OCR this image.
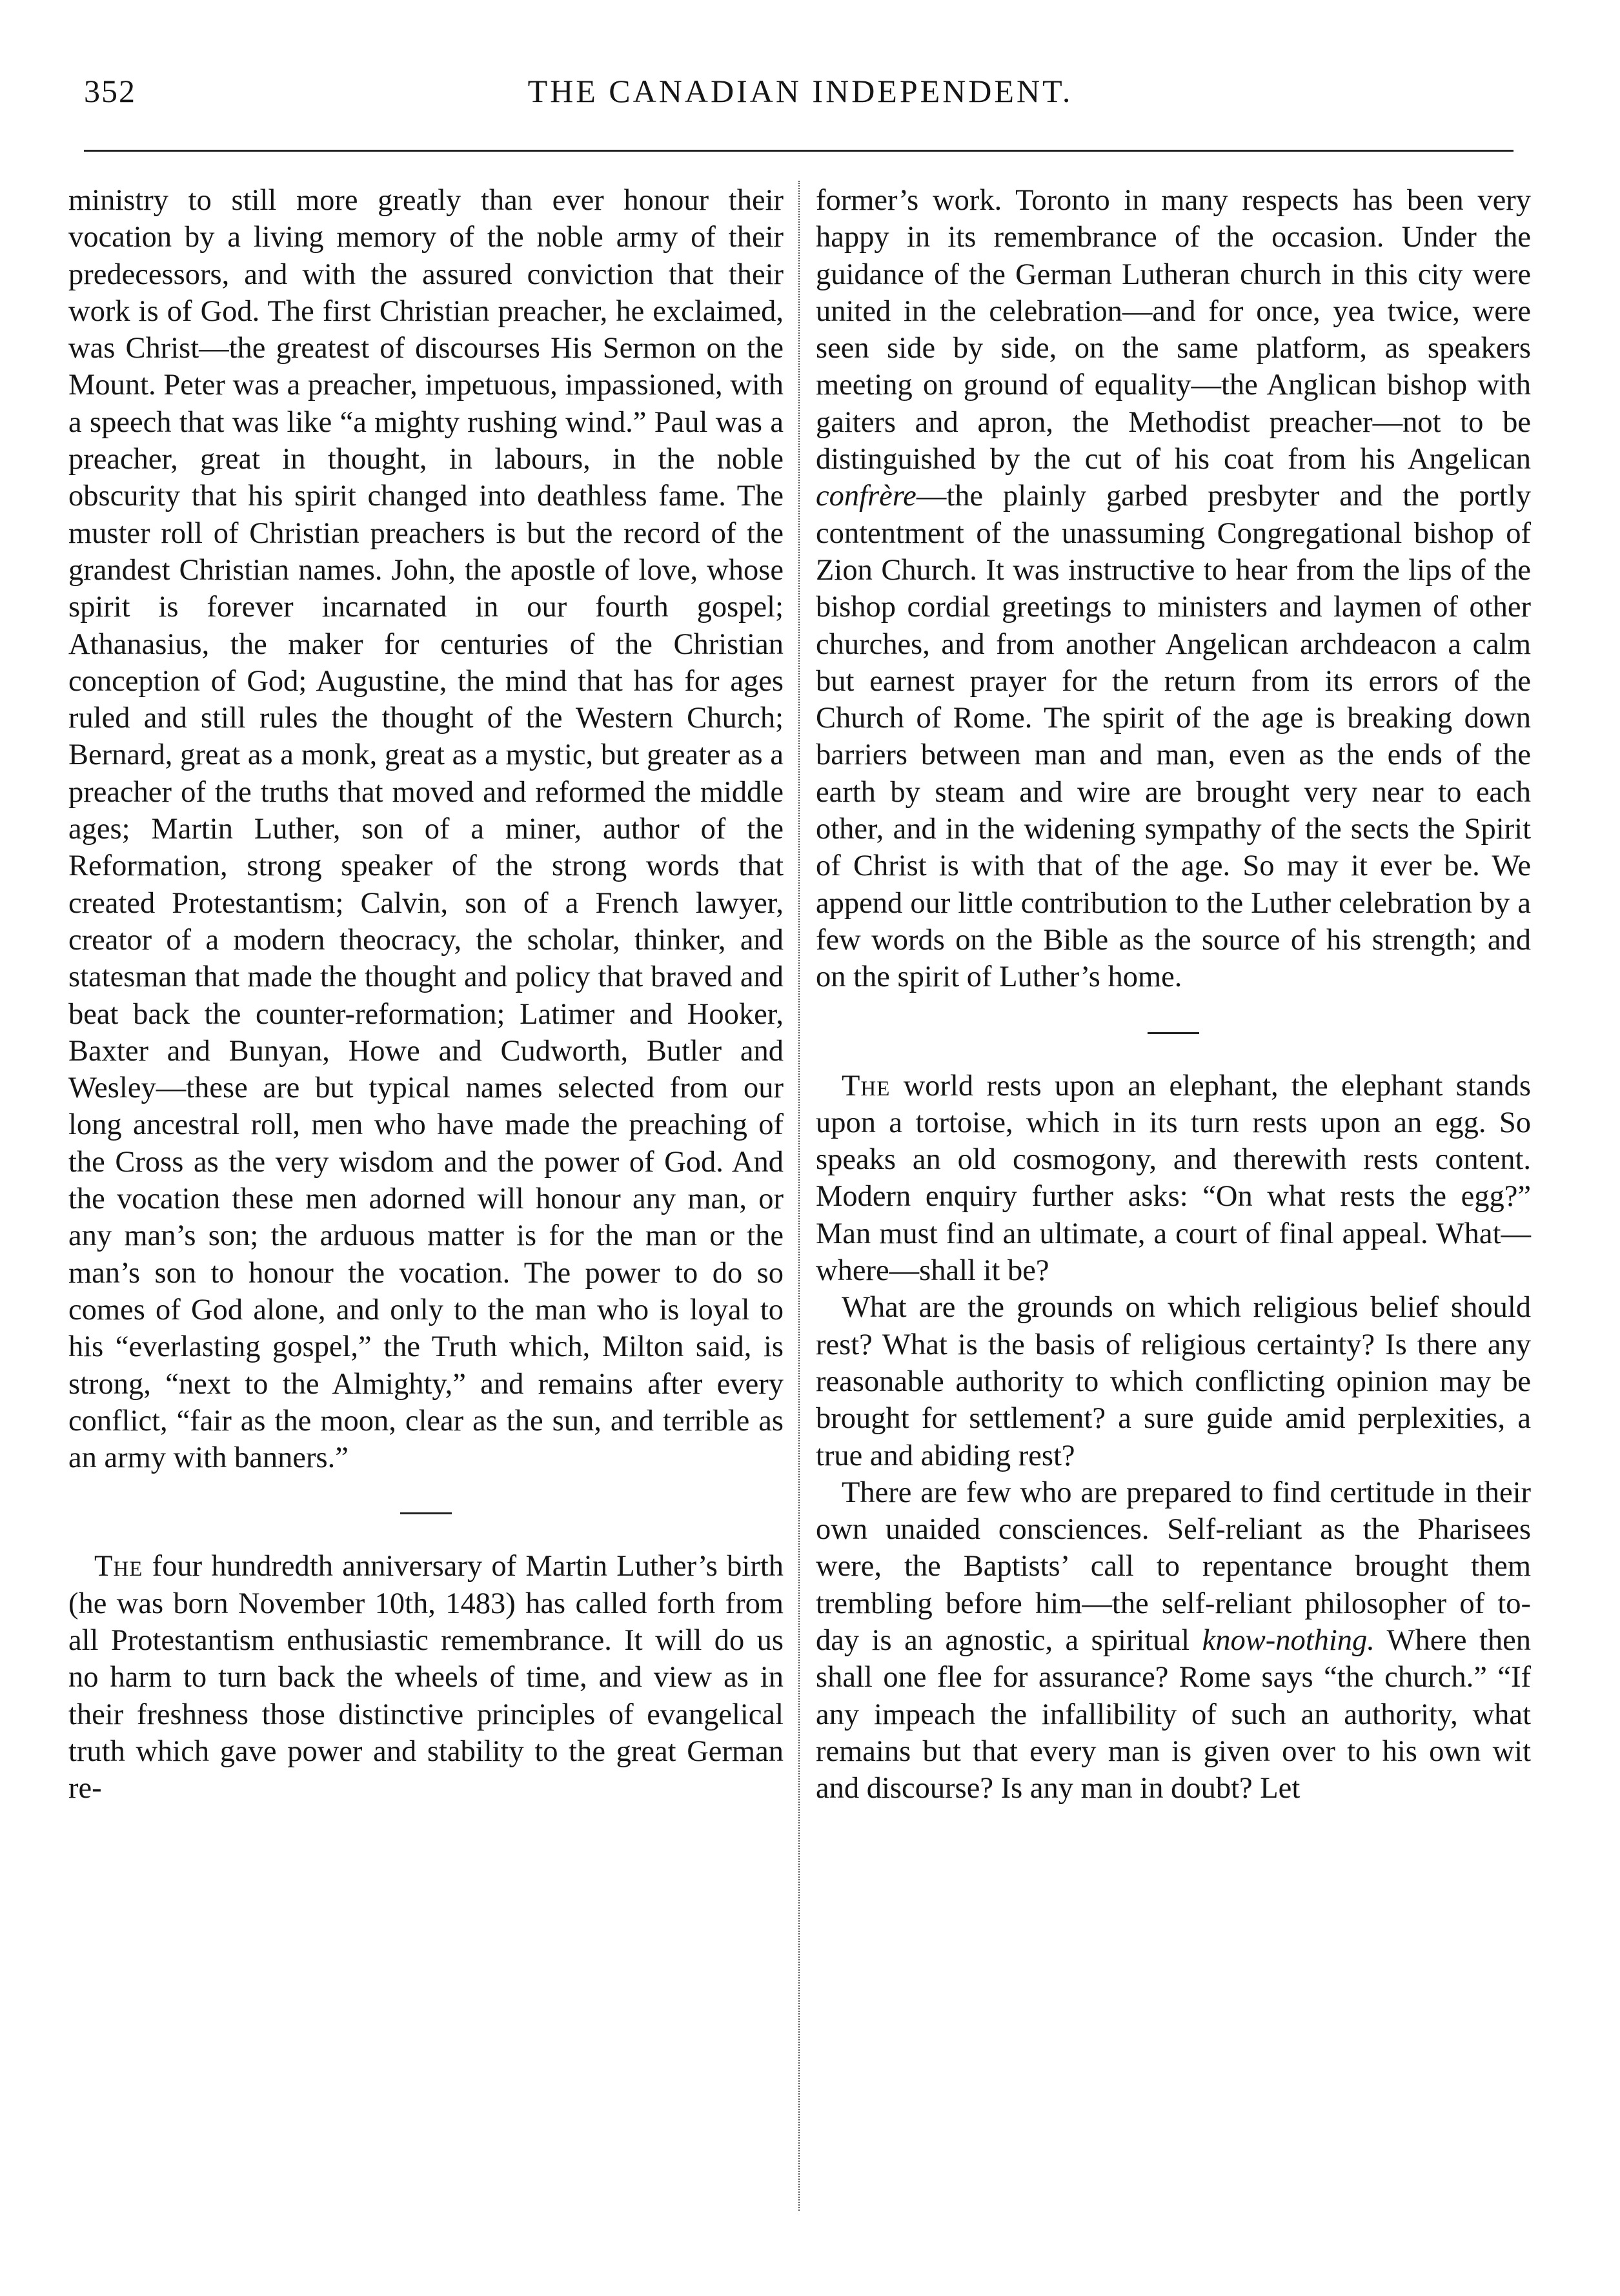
352	THE CANADIAN INDEPENDENT.

ministry to still more greatly than ever honour their vocation by a living memory of the noble army of their predecessors, and with the assured conviction that their work is of God. The first Christian preacher, he exclaimed, was Christ—the greatest of discourses His Sermon on the Mount. Peter was a preacher, impetuous, impassioned, with a speech that was like “a mighty rushing wind.” Paul was a preacher, great in thought, in labours, in the noble obscurity that his spirit changed into deathless fame. The muster roll of Christian preachers is but the record of the grandest Christian names. John, the apostle of love, whose spirit is forever incarnated in our fourth gospel; Athanasius, the maker for centuries of the Christian conception of God; Augustine, the mind that has for ages ruled and still rules the thought of the Western Church; Bernard, great as a monk, great as a mystic, but greater as a preacher of the truths that moved and reformed the middle ages; Martin Luther, son of a miner, author of the Reformation, strong speaker of the strong words that created Protestantism; Calvin, son of a French lawyer, creator of a modern theocracy, the scholar, thinker, and statesman that made the thought and policy that braved and beat back the counter-reformation; Latimer and Hooker, Baxter and Bunyan, Howe and Cudworth, Butler and Wesley—these are but typical names selected from our long ancestral roll, men who have made the preaching of the Cross as the very wisdom and the power of God. And the vocation these men adorned will honour any man, or any man’s son; the arduous matter is for the man or the man’s son to honour the vocation. The power to do so comes of God alone, and only to the man who is loyal to his “everlasting gospel,” the Truth which, Milton said, is strong, “next to the Almighty,” and remains after every conflict, “fair as the moon, clear as the sun, and terrible as an army with banners.”

The four hundredth anniversary of Martin Luther’s birth (he was born November 10th, 1483) has called forth from all Protestantism enthusiastic remembrance. It will do us no harm to turn back the wheels of time, and view as in their freshness those distinctive principles of evangelical truth which gave power and stability to the great German re-

former’s work. Toronto in many respects has been very happy in its remembrance of the occasion. Under the guidance of the German Lutheran church in this city were united in the celebration—and for once, yea twice, were seen side by side, on the same platform, as speakers meeting on ground of equality—the Anglican bishop with gaiters and apron, the Methodist preacher—not to be distinguished by the cut of his coat from his Angelican confrère—the plainly garbed presbyter and the portly contentment of the unassuming Congregational bishop of Zion Church. It was instructive to hear from the lips of the bishop cordial greetings to ministers and laymen of other churches, and from another Angelican archdeacon a calm but earnest prayer for the return from its errors of the Church of Rome. The spirit of the age is breaking down barriers between man and man, even as the ends of the earth by steam and wire are brought very near to each other, and in the widening sympathy of the sects the Spirit of Christ is with that of the age. So may it ever be. We append our little contribution to the Luther celebration by a few words on the Bible as the source of his strength; and on the spirit of Luther’s home.

The world rests upon an elephant, the elephant stands upon a tortoise, which in its turn rests upon an egg. So speaks an old cosmogony, and therewith rests content. Modern enquiry further asks: “On what rests the egg?” Man must find an ultimate, a court of final appeal. What—where—shall it be?

What are the grounds on which religious belief should rest? What is the basis of religious certainty? Is there any reasonable authority to which conflicting opinion may be brought for settlement? a sure guide amid perplexities, a true and abiding rest?

There are few who are prepared to find certitude in their own unaided consciences. Self-reliant as the Pharisees were, the Baptists’ call to repentance brought them trembling before him—the self-reliant philosopher of to-day is an agnostic, a spiritual know-nothing. Where then shall one flee for assurance? Rome says “the church.” “If any impeach the infallibility of such an authority, what remains but that every man is given over to his own wit and discourse? Is any man in doubt? Let
